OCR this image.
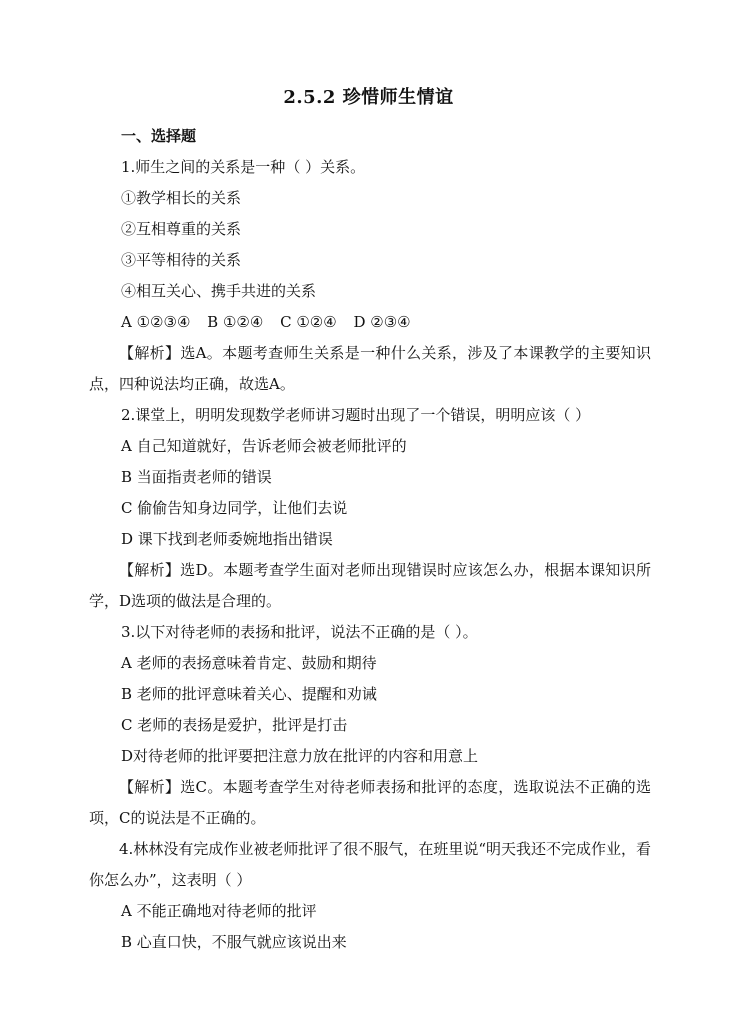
2.5.2 珍惜师生情谊
一、选择题

1.师生之间的关系是一种（ ）关系。

①教学相长的关系

②互相尊重的关系

③平等相待的关系

④相互关心、携手共进的关系

A ①②③④ B ①②④ C ①②④ D ②③④

【解析】选A。本题考查师生关系是一种什么关系，涉及了本课教学的主要知识点，四种说法均正确，故选A。

2.课堂上，明明发现数学老师讲习题时出现了一个错误，明明应该（ ）

A 自己知道就好，告诉老师会被老师批评的

B 当面指责老师的错误

C 偷偷告知身边同学，让他们去说

D 课下找到老师委婉地指出错误

【解析】选D。本题考查学生面对老师出现错误时应该怎么办，根据本课知识所学，D选项的做法是合理的。

3.以下对待老师的表扬和批评，说法不正确的是（ ）。

A 老师的表扬意味着肯定、鼓励和期待

B 老师的批评意味着关心、提醒和劝诫

C 老师的表扬是爱护，批评是打击

D对待老师的批评要把注意力放在批评的内容和用意上

【解析】选C。本题考查学生对待老师表扬和批评的态度，选取说法不正确的选项，C的说法是不正确的。

4.林林没有完成作业被老师批评了很不服气，在班里说“明天我还不完成作业，看你怎么办”，这表明（ ）

A 不能正确地对待老师的批评

B 心直口快，不服气就应该说出来
